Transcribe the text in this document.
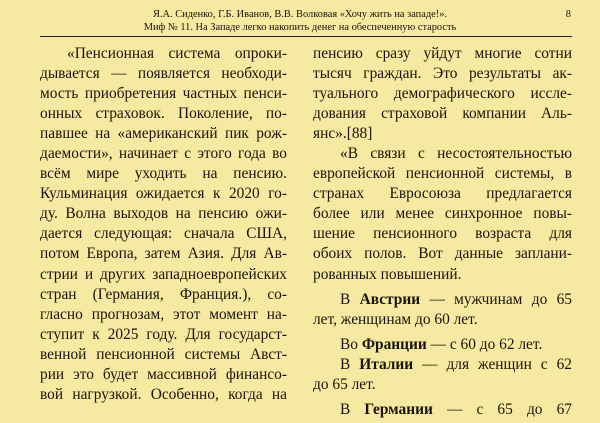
Я.А. Сиденко, Г.Б. Иванов, В.В. Волковая «Хочу жить на западе!».
Миф № 11. На Западе легко накопить денег на обеспеченную старость
8

«Пенсионная система опроки-
дывается — появляется необходи-
мость приобретения частных пенси-
онных страховок. Поколение, по-
павшее на «американский пик рож-
даемости», начинает с этого года во
всём мире уходить на пенсию.
Кульминация ожидается к 2020 го-
ду. Волна выходов на пенсию ожи-
дается следующая: сначала США,
потом Европа, затем Азия. Для Ав-
стрии и других западноевропейских
стран (Германия, Франция.), со-
гласно прогнозам, этот момент на-
ступит к 2025 году. Для государст-
венной пенсионной системы Авст-
рии это будет массивной финансо-
вой нагрузкой. Особенно, когда на

пенсию сразу уйдут многие сотни
тысяч граждан. Это результаты ак-
туального демографического иссле-
дования страховой компании Аль-
янс».[88]

«В связи с несостоятельностью
европейской пенсионной системы, в
странах Евросоюза предлагается
более или менее синхронное повы-
шение пенсионного возраста для
обоих полов. Вот данные заплани-
рованных повышений.

В Австрии — мужчинам до 65
лет, женщинам до 60 лет.

Во Франции — с 60 до 62 лет.

В Италии — для женщин с 62
до 65 лет.

В Германии — с 65 до 67
